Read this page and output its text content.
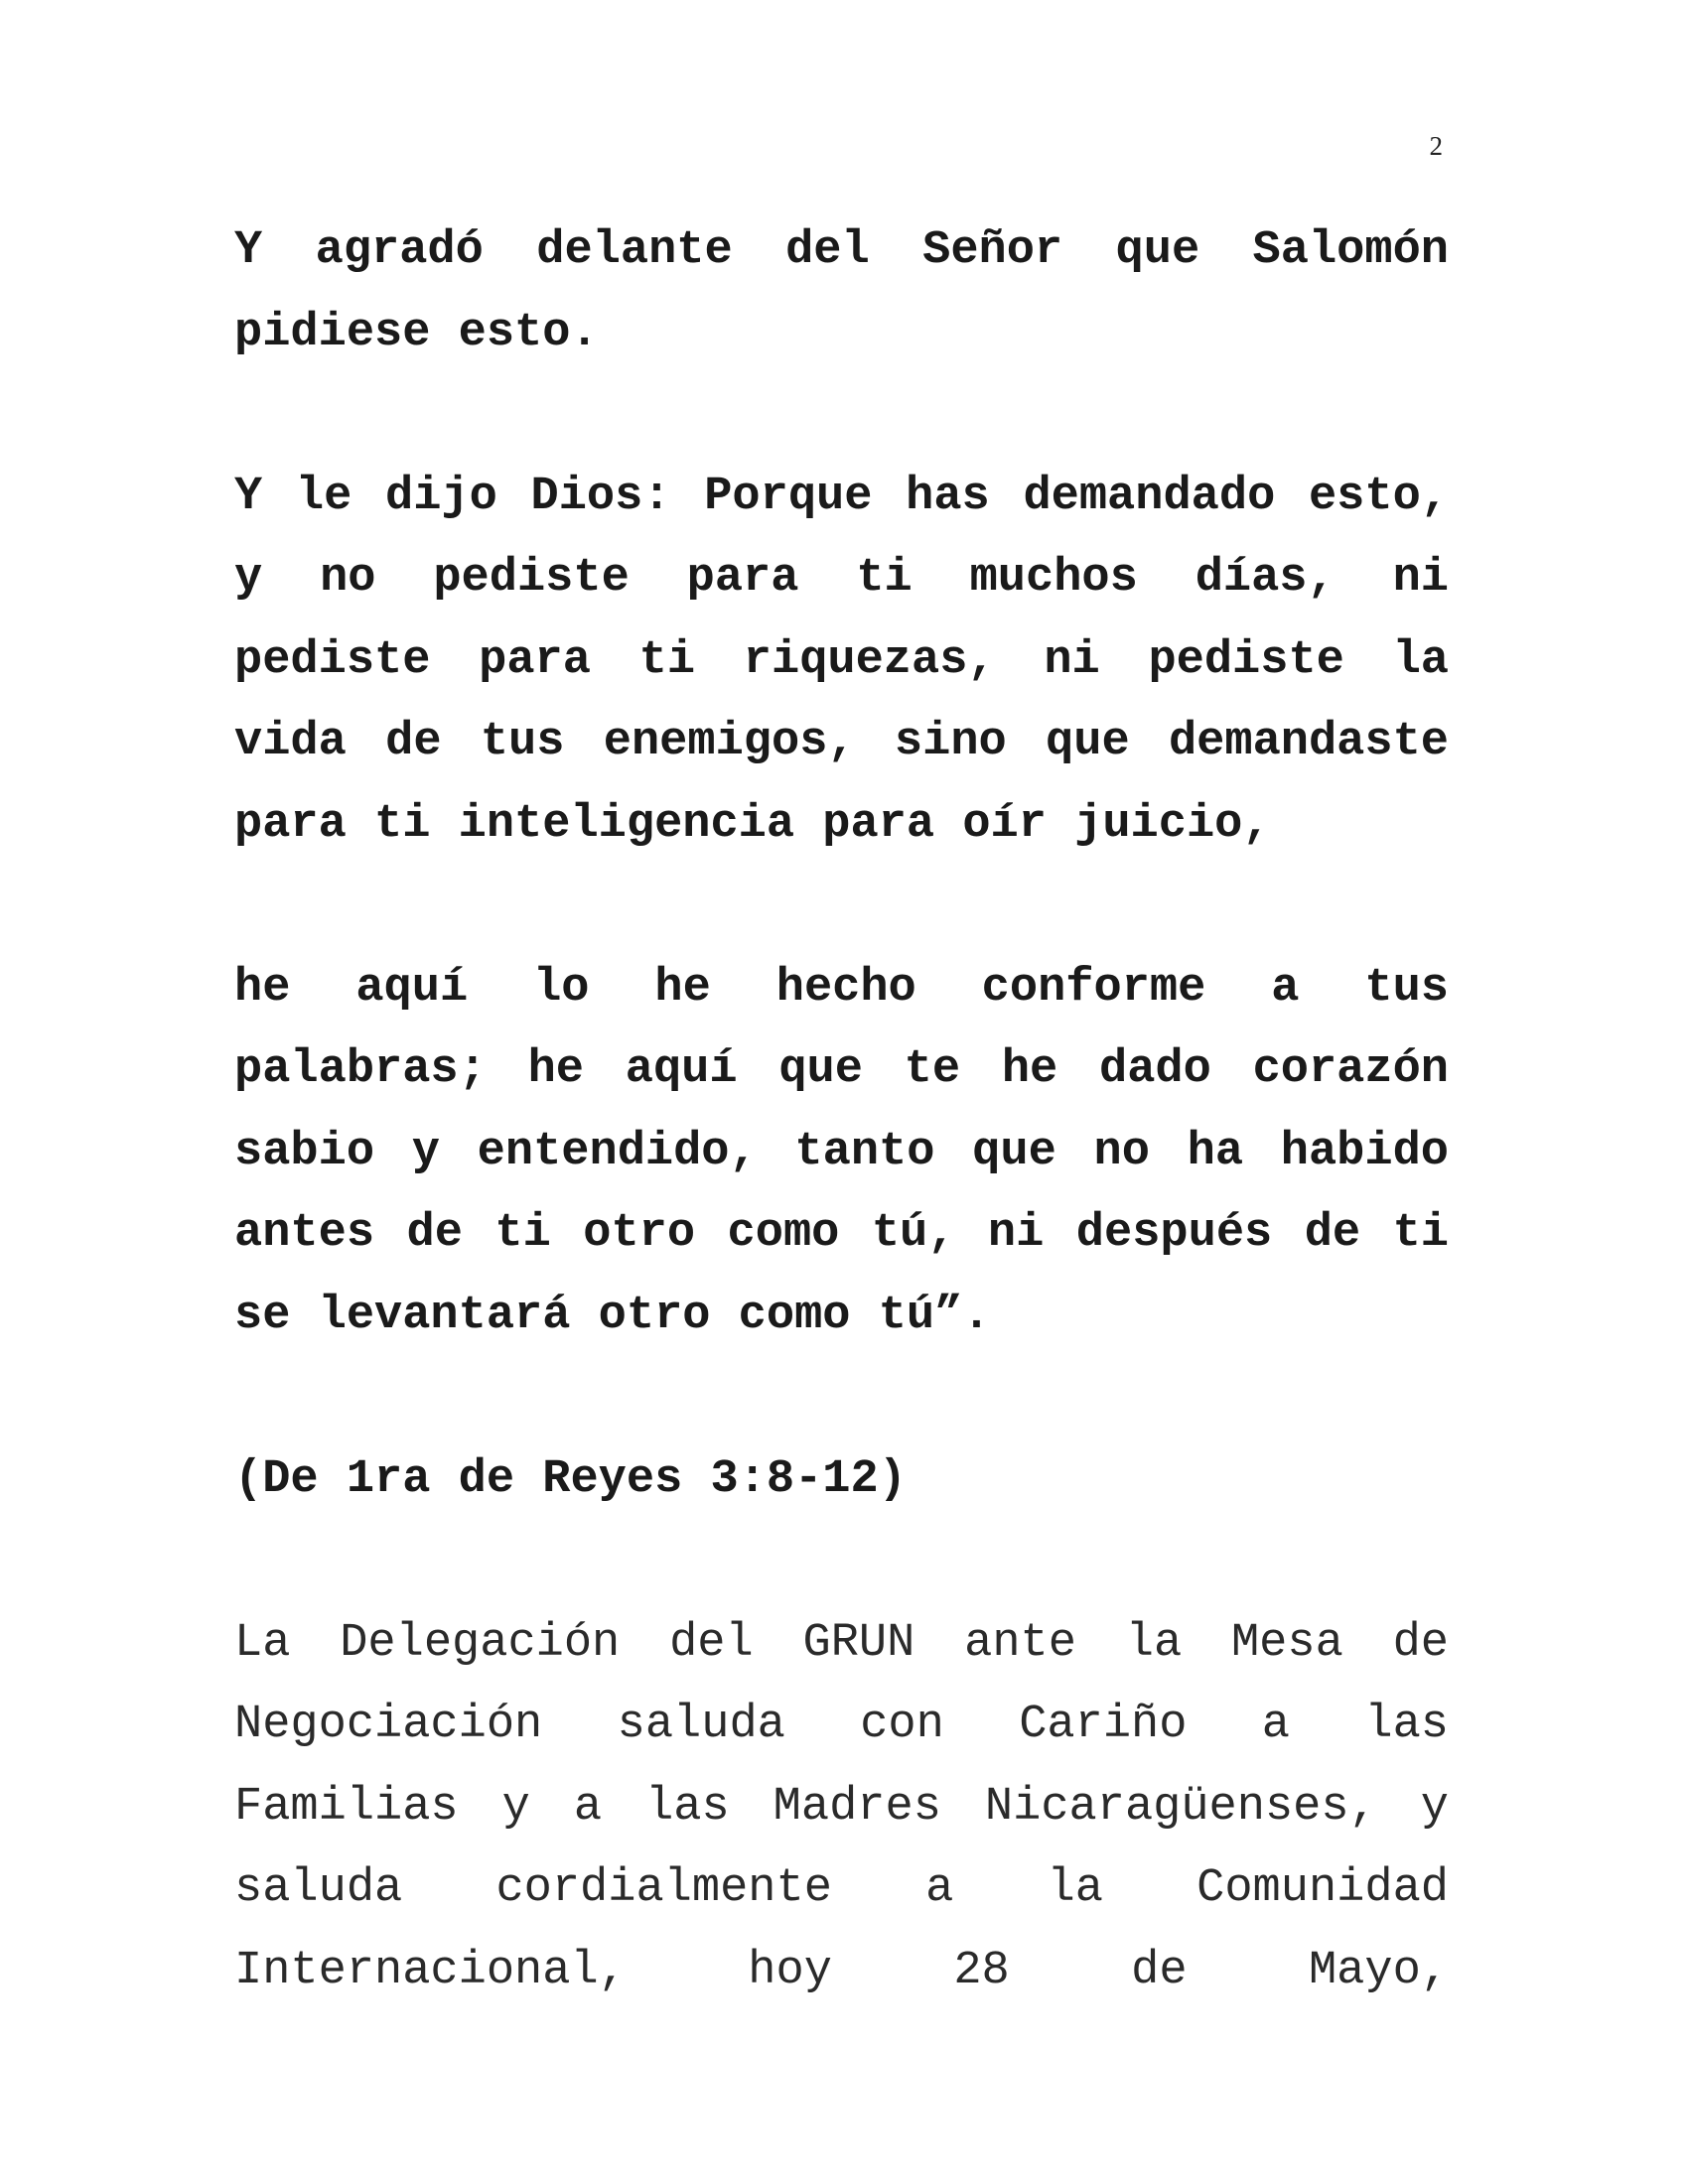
2

Y agradó delante del Señor que Salomón pidiese esto.

Y le dijo Dios: Porque has demandado esto, y no pediste para ti muchos días, ni pediste para ti riquezas, ni pediste la vida de tus enemigos, sino que demandaste para ti inteligencia para oír juicio,

he aquí lo he hecho conforme a tus palabras; he aquí que te he dado corazón sabio y entendido, tanto que no ha habido antes de ti otro como tú, ni después de ti se levantará otro como tú”.

(De 1ra de Reyes 3:8-12)

La Delegación del GRUN ante la Mesa de Negociación saluda con Cariño a las Familias y a las Madres Nicaragüenses, y saluda cordialmente a la Comunidad Internacional, hoy 28 de Mayo,
